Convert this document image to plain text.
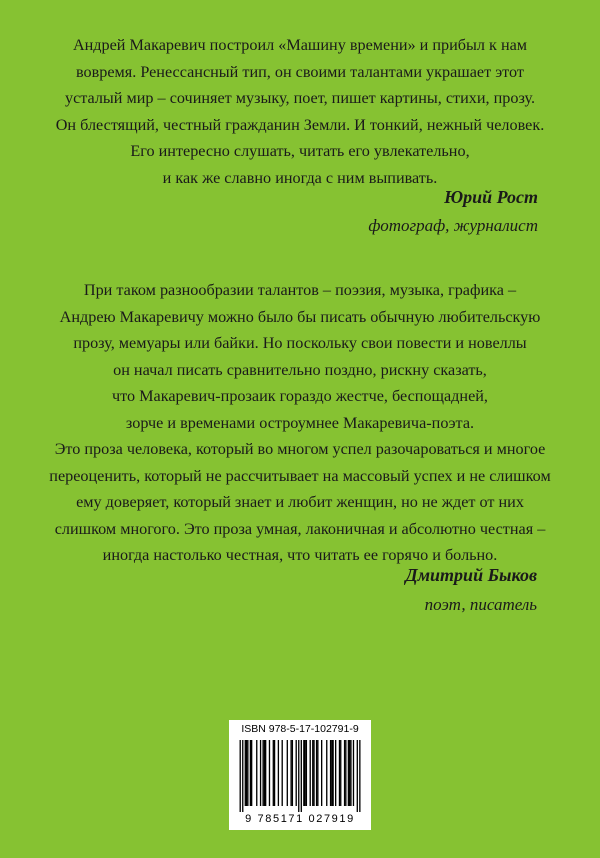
Андрей Макаревич построил «Машину времени» и прибыл к нам
вовремя. Ренессансный тип, он своими талантами украшает этот
усталый мир – сочиняет музыку, поет, пишет картины, стихи, прозу.
Он блестящий, честный гражданин Земли. И тонкий, нежный человек.
Его интересно слушать, читать его увлекательно,
и как же славно иногда с ним выпивать.
Юрий Рост
фотограф, журналист
При таком разнообразии талантов – поэзия, музыка, графика –
Андрею Макаревичу можно было бы писать обычную любительскую
прозу, мемуары или байки. Но поскольку свои повести и новеллы
он начал писать сравнительно поздно, рискну сказать,
что Макаревич-прозаик гораздо жестче, беспощадней,
зорче и временами остроумнее Макаревича-поэта.
Это проза человека, который во многом успел разочароваться и многое
переоценить, который не рассчитывает на массовый успех и не слишком
ему доверяет, который знает и любит женщин, но не ждет от них
слишком многого. Это проза умная, лаконичная и абсолютно честная –
иногда настолько честная, что читать ее горячо и больно.
Дмитрий Быков
поэт, писатель
ISBN 978-5-17-102791-9
9 785171 027919
